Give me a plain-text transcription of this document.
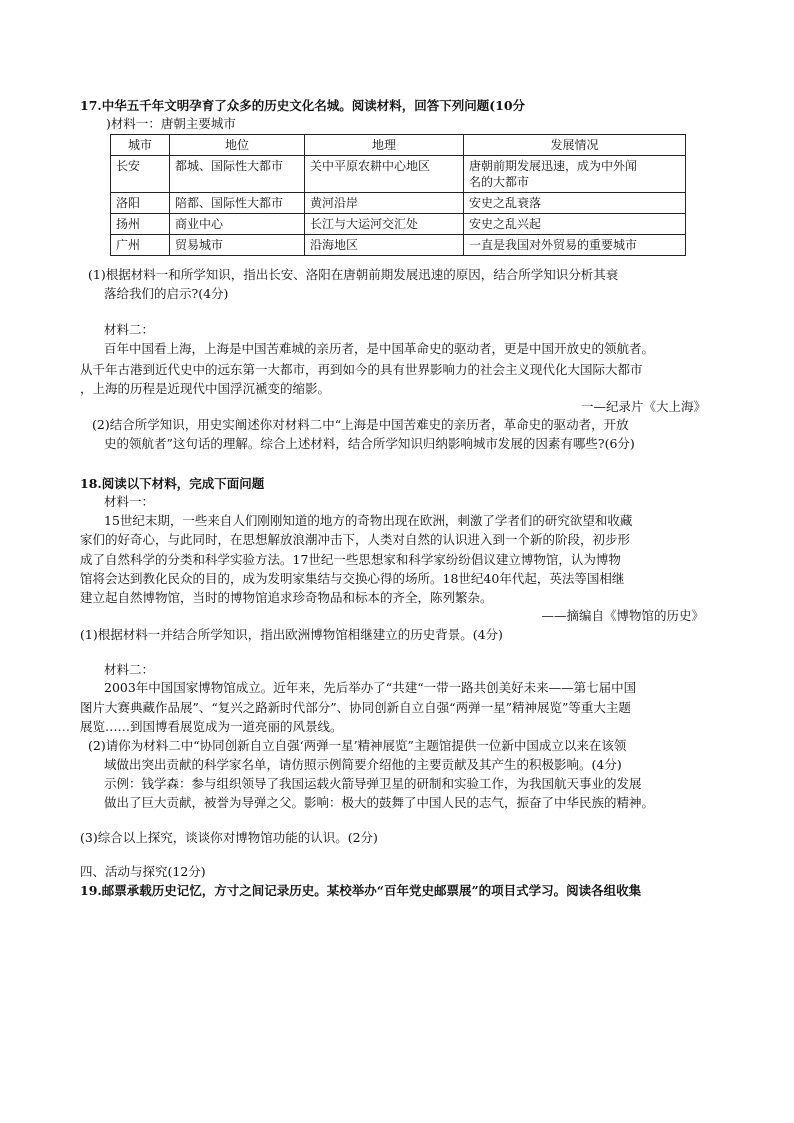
17.中华五千年文明孕育了众多的历史文化名城。阅读材料，回答下列问题(10分
)材料一：唐朝主要城市
城市	地位	地理	发展情况
长安	都城、国际性大都市	关中平原农耕中心地区	唐朝前期发展迅速，成为中外闻
名的大都市

洛阳	陪都、国际性大都市	黄河沿岸	安史之乱衰落
扬州	商业中心	长江与大运河交汇处	安史之乱兴起
广州	贸易城市	沿海地区	一直是我国对外贸易的重要城市
(1)根据材料一和所学知识，指出长安、洛阳在唐朝前期发展迅速的原因，结合所学知识分析其衰
落给我们的启示?(4分)
材料二：
百年中国看上海，上海是中国苦难城的亲历者，是中国革命史的驱动者，更是中国开放史的领航者。
从千年古港到近代史中的远东第一大都市，再到如今的具有世界影响力的社会主义现代化大国际大都市
，上海的历程是近现代中国浮沉褫变的缩影。
一—纪录片《大上海》
(2)结合所学知识，用史实阐述你对材料二中“上海是中国苦难史的亲历者，革命史的驱动者，开放
史的领航者”这句话的理解。综合上述材料，结合所学知识归纳影响城市发展的因素有哪些?(6分)
18.阅读以下材料，完成下面问题
材料一：
15世纪末期，一些来自人们刚刚知道的地方的奇物出现在欧洲，刺激了学者们的研究欲望和收藏
家们的好奇心，与此同时，在思想解放浪潮冲击下，人类对自然的认识进入到一个新的阶段，初步形
成了自然科学的分类和科学实验方法。17世纪一些思想家和科学家纷纷倡议建立博物馆，认为博物
馆将会达到教化民众的目的，成为发明家集结与交换心得的场所。18世纪40年代起，英法等国相继
建立起自然博物馆，当时的博物馆追求珍奇物品和标本的齐全，陈列繁杂。
——摘编自《博物馆的历史》
(1)根据材料一并结合所学知识，指出欧洲博物馆相继建立的历史背景。(4分)
材料二：
2003年中国国家博物馆成立。近年来，先后举办了“共建“一带一路共创美好未来——第七届中国
图片大赛典藏作品展”、“复兴之路新时代部分”、协同创新自立自强“两弹一星”精神展览”等重大主题
展览……到国博看展览成为一道亮丽的风景线。
(2)请你为材料二中“协同创新自立自强‘两弹一星’精神展览”主题馆提供一位新中国成立以来在该领
域做出突出贡献的科学家名单，请仿照示例简要介绍他的主要贡献及其产生的积极影响。(4分)
示例：钱学森：参与组织领导了我国运载火箭导弹卫星的研制和实验工作，为我国航天事业的发展
做出了巨大贡献，被誉为导弹之父。影响：极大的鼓舞了中国人民的志气，振奋了中华民族的精神。
(3)综合以上探究，谈谈你对博物馆功能的认识。(2分)
四、活动与探究(12分)
19.邮票承载历史记忆，方寸之间记录历史。某校举办“百年党史邮票展”的项目式学习。阅读各组收集
